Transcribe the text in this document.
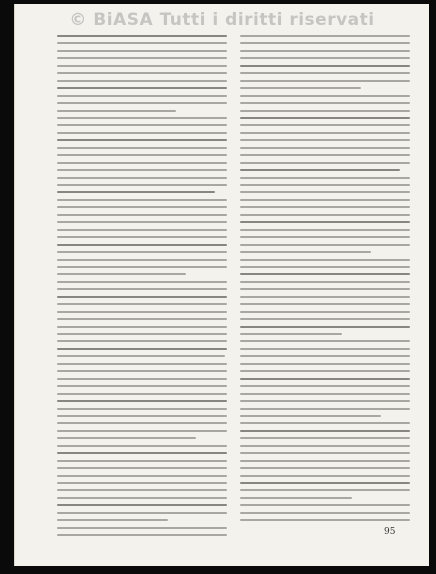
© BiASA Tutti i diritti riservati
95
